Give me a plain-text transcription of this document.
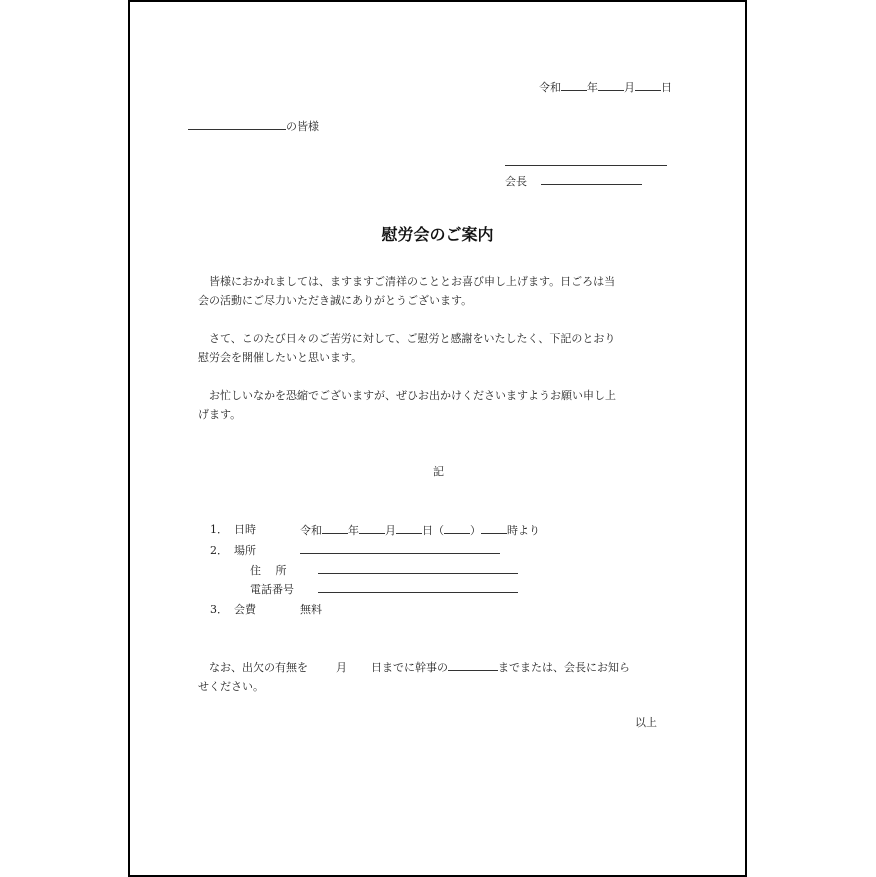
令和 年 月 日
の皆様
会長
慰労会のご案内
皆様におかれましては、ますますご清祥のこととお喜び申し上げます。日ごろは当
会の活動にご尽力いただき誠にありがとうございます。
さて、このたび日々のご苦労に対して、ご慰労と感謝をいたしたく、下記のとおり
慰労会を開催したいと思います。
お忙しいなかを恐縮でございますが、ぜひお出かけくださいますようお願い申し上
げます。
記
1． 日時	令和 年 月 日（ ） 時より
2． 場所
住　 所
電話番号
3． 会費	無料
なお、出欠の有無を	月 日までに幹事の	までまたは、会長にお知ら
せください。
以上
